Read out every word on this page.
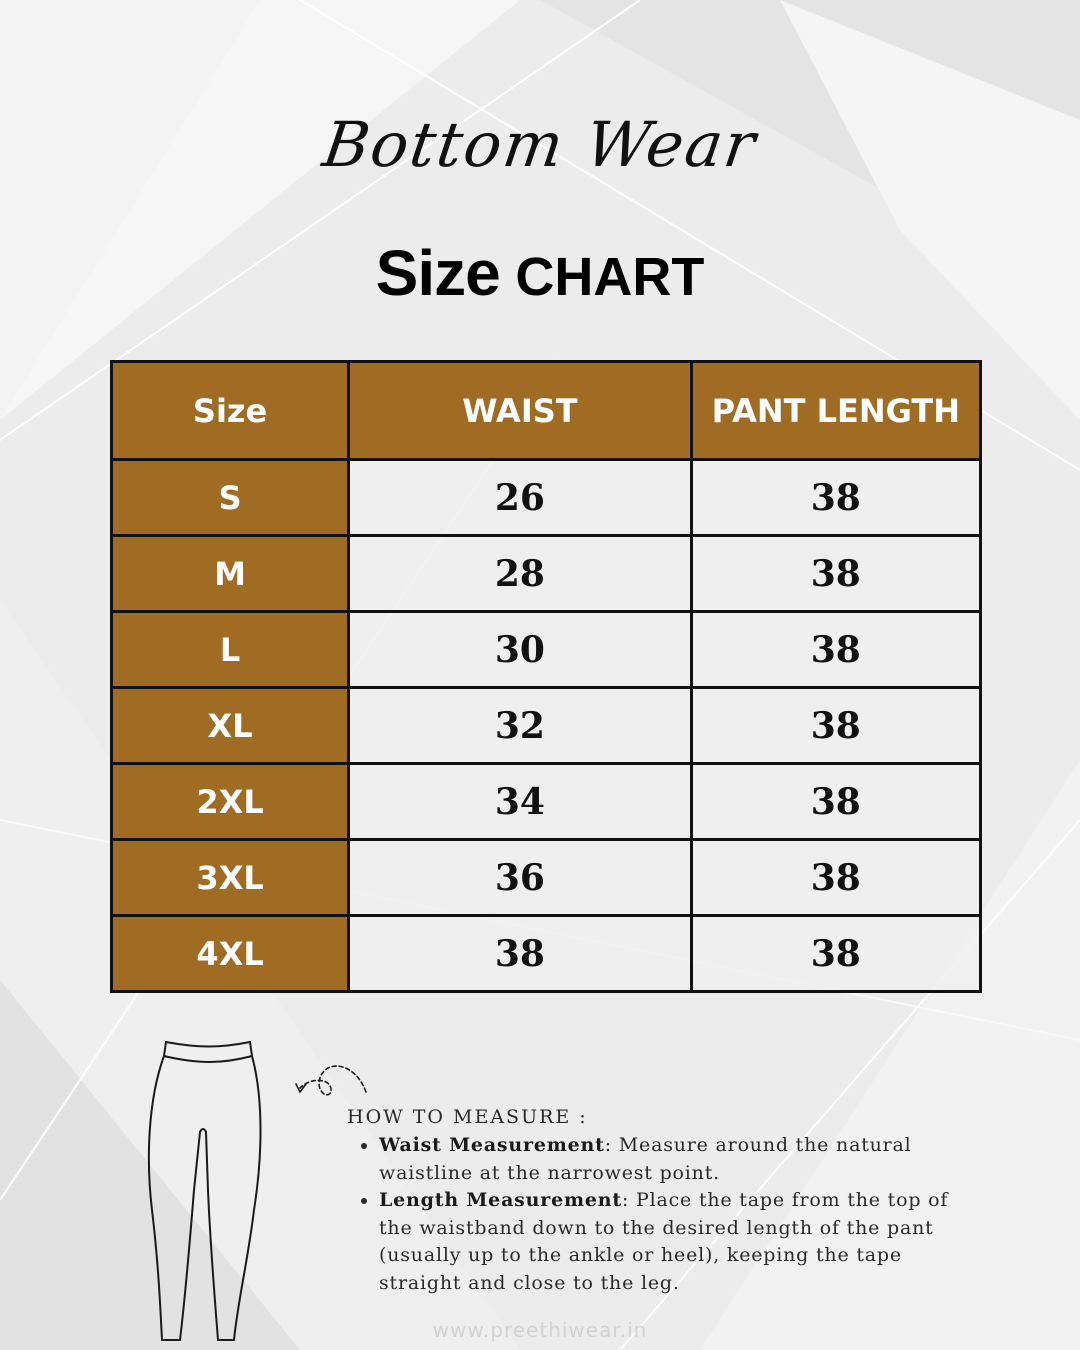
Bottom Wear
Size CHART
Size	WAIST	PANT LENGTH
S	26	38
M	28	38
L	30	38
XL	32	38
2XL	34	38
3XL	36	38
4XL	38	38
HOW TO MEASURE :
• Waist Measurement: Measure around the natural waistline at the narrowest point.
• Length Measurement: Place the tape from the top of the waistband down to the desired length of the pant (usually up to the ankle or heel), keeping the tape straight and close to the leg.
www.preethiwear.in
